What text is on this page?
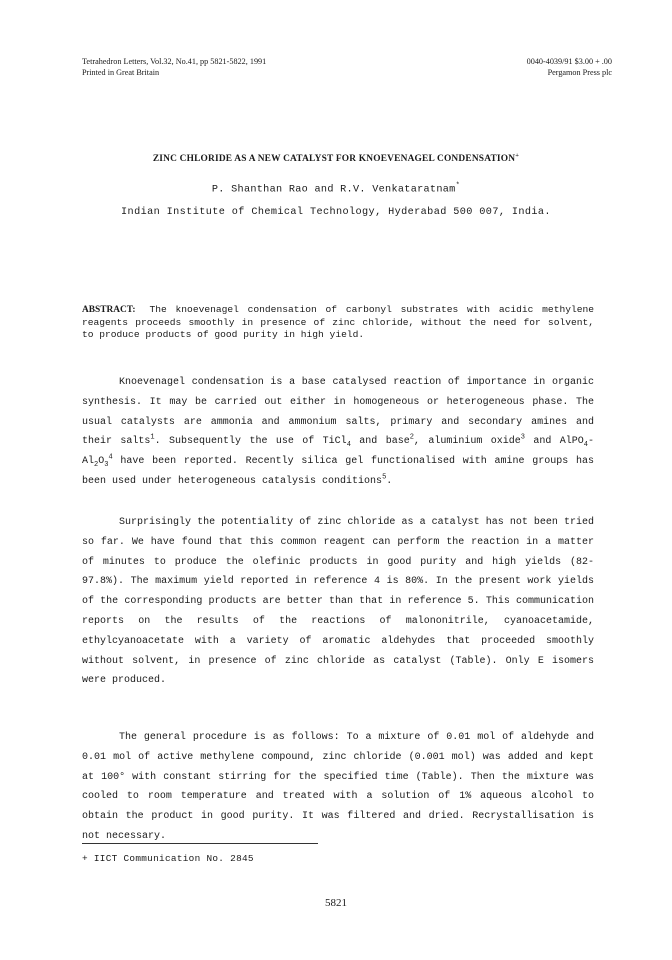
Tetrahedron Letters, Vol.32, No.41, pp 5821-5822, 1991
Printed in Great Britain
0040-4039/91 $3.00 + .00
Pergamon Press plc
ZINC CHLORIDE AS A NEW CATALYST FOR KNOEVENAGEL CONDENSATION+
P. Shanthan Rao and R.V. Venkataratnam*
Indian Institute of Chemical Technology, Hyderabad 500 007, India.
ABSTRACT: The knoevenagel condensation of carbonyl substrates with acidic methylene reagents proceeds smoothly in presence of zinc chloride, without the need for solvent, to produce products of good purity in high yield.
Knoevenagel condensation is a base catalysed reaction of importance in organic synthesis. It may be carried out either in homogeneous or heterogeneous phase. The usual catalysts are ammonia and ammonium salts, primary and secondary amines and their salts$^1$. Subsequently the use of TiCl$_4$ and base$^2$, aluminium oxide$^3$ and $AlPO_4-Al_2O_3^4$ have been reported. Recently silica gel functionalised with amine groups has been used under heterogeneous catalysis conditions$^5$.
Surprisingly the potentiality of zinc chloride as a catalyst has not been tried so far. We have found that this common reagent can perform the reaction in a matter of minutes to produce the olefinic products in good purity and high yields (82-97.8%). The maximum yield reported in reference 4 is 80%. In the present work yields of the corresponding products are better than that in reference 5. This communication reports on the results of the reactions of malononitrile, cyanoacetamide, ethylcyanoacetate with a variety of aromatic aldehydes that proceeded smoothly without solvent, in presence of zinc chloride as catalyst (Table). Only E isomers were produced.
The general procedure is as follows: To a mixture of 0.01 mol of aldehyde and 0.01 mol of active methylene compound, zinc chloride (0.001 mol) was added and kept at 100° with constant stirring for the specified time (Table). Then the mixture was cooled to room temperature and treated with a solution of 1% aqueous alcohol to obtain the product in good purity. It was filtered and dried. Recrystallisation is not necessary.
+ IICT Communication No. 2845
5821
